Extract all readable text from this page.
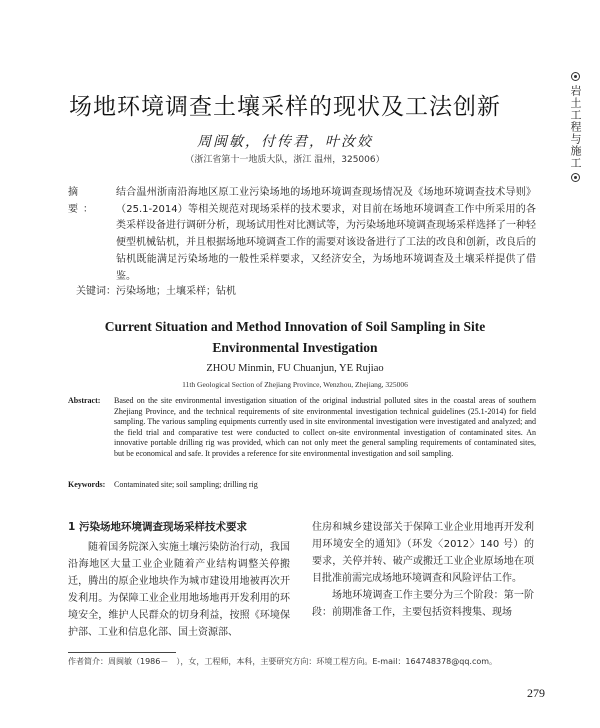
岩土工程与施工
场地环境调查土壤采样的现状及工法创新
周闽敏，付传君，叶汝姣
（浙江省第十一地质大队，浙江 温州，325006）
摘　要：
结合温州浙南沿海地区原工业污染场地的场地环境调查现场情况及《场地环境调查技术导则》（25.1-2014）等相关规范对现场采样的技术要求，对目前在场地环境调查工作中所采用的各类采样设备进行调研分析，现场试用性对比测试等，为污染场地环境调查现场采样选择了一种轻便型机械钻机，并且根据场地环境调查工作的需要对该设备进行了工法的改良和创新，改良后的钻机既能满足污染场地的一般性采样要求，又经济安全，为场地环境调查及土壤采样提供了借鉴。
关键词：污染场地；土壤采样；钻机
Current Situation and Method Innovation of Soil Sampling in Site Environmental Investigation
ZHOU Minmin, FU Chuanjun, YE Rujiao
11th Geological Section of Zhejiang Province, Wenzhou, Zhejiang, 325006
Abstract:	Based on the site environmental investigation situation of the original industrial polluted sites in the coastal areas of southern Zhejiang Province, and the technical requirements of site environmental investigation technical guidelines (25.1-2014) for field sampling. The various sampling equipments currently used in site environmental investigation were investigated and analyzed; and the field trial and comparative test were conducted to collect on-site environmental investigation of contaminated sites. An innovative portable drilling rig was provided, which can not only meet the general sampling requirements of contaminated sites, but be economical and safe. It provides a reference for site environmental investigation and soil sampling.
Keywords:	Contaminated site; soil sampling; drilling rig
1 污染场地环境调查现场采样技术要求

随着国务院深入实施土壤污染防治行动，我国沿海地区大量工业企业随着产业结构调整关停搬迁，腾出的原企业地块作为城市建设用地被再次开发利用。为保障工业企业用地场地再开发利用的环境安全，维护人民群众的切身利益，按照《环境保护部、工业和信息化部、国土资源部、

住房和城乡建设部关于保障工业企业用地再开发利用环境安全的通知》（环发〈2012〉140 号）的要求，关停并转、破产或搬迁工业企业原场地在项目批准前需完成场地环境调查和风险评估工作。

场地环境调查工作主要分为三个阶段：第一阶段：前期准备工作，主要包括资料搜集、现场

作者简介：周闽敏（1986－　），女，工程师，本科，主要研究方向：环境工程方向。E-mail：164748378@qq.com。
279
